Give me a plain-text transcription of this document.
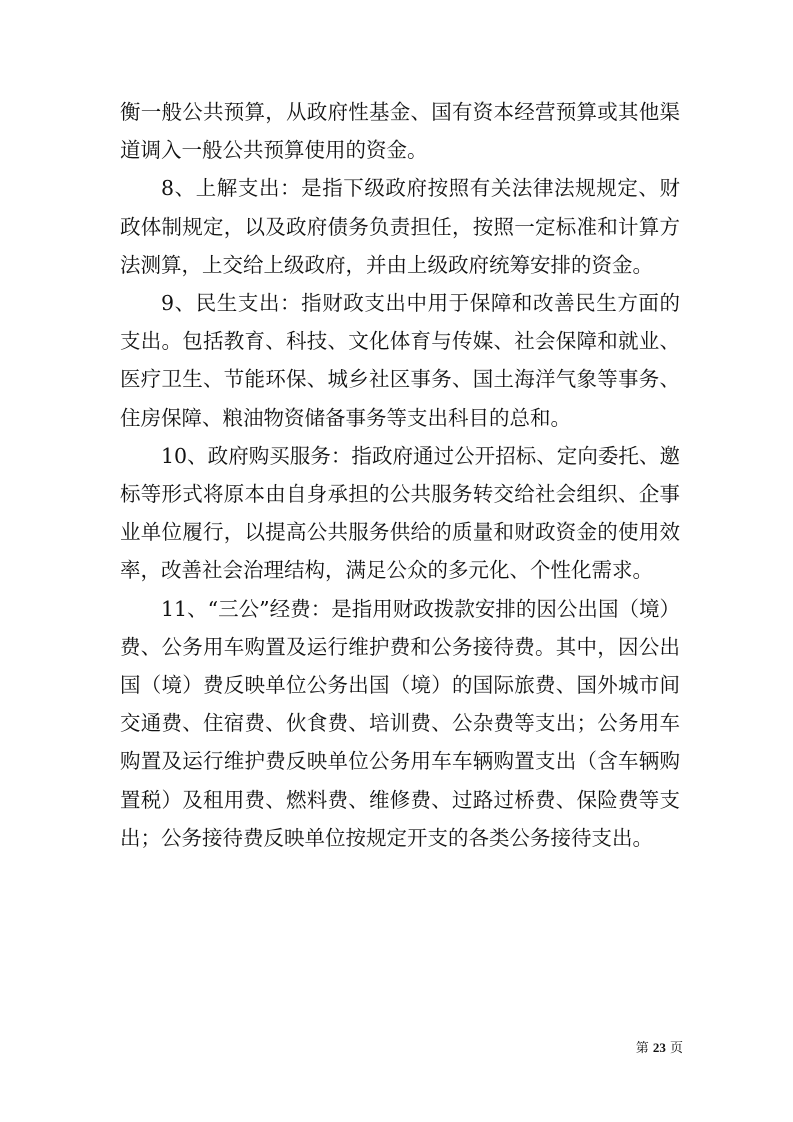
衡一般公共预算，从政府性基金、国有资本经营预算或其他渠道调入一般公共预算使用的资金。

8、上解支出：是指下级政府按照有关法律法规规定、财政体制规定，以及政府债务负责担任，按照一定标准和计算方法测算，上交给上级政府，并由上级政府统筹安排的资金。

9、民生支出：指财政支出中用于保障和改善民生方面的支出。包括教育、科技、文化体育与传媒、社会保障和就业、医疗卫生、节能环保、城乡社区事务、国土海洋气象等事务、住房保障、粮油物资储备事务等支出科目的总和。

10、政府购买服务：指政府通过公开招标、定向委托、邀标等形式将原本由自身承担的公共服务转交给社会组织、企事业单位履行，以提高公共服务供给的质量和财政资金的使用效率，改善社会治理结构，满足公众的多元化、个性化需求。

11、“三公”经费：是指用财政拨款安排的因公出国（境）费、公务用车购置及运行维护费和公务接待费。其中，因公出国（境）费反映单位公务出国（境）的国际旅费、国外城市间交通费、住宿费、伙食费、培训费、公杂费等支出；公务用车购置及运行维护费反映单位公务用车车辆购置支出（含车辆购置税）及租用费、燃料费、维修费、过路过桥费、保险费等支出；公务接待费反映单位按规定开支的各类公务接待支出。

第 23 页
